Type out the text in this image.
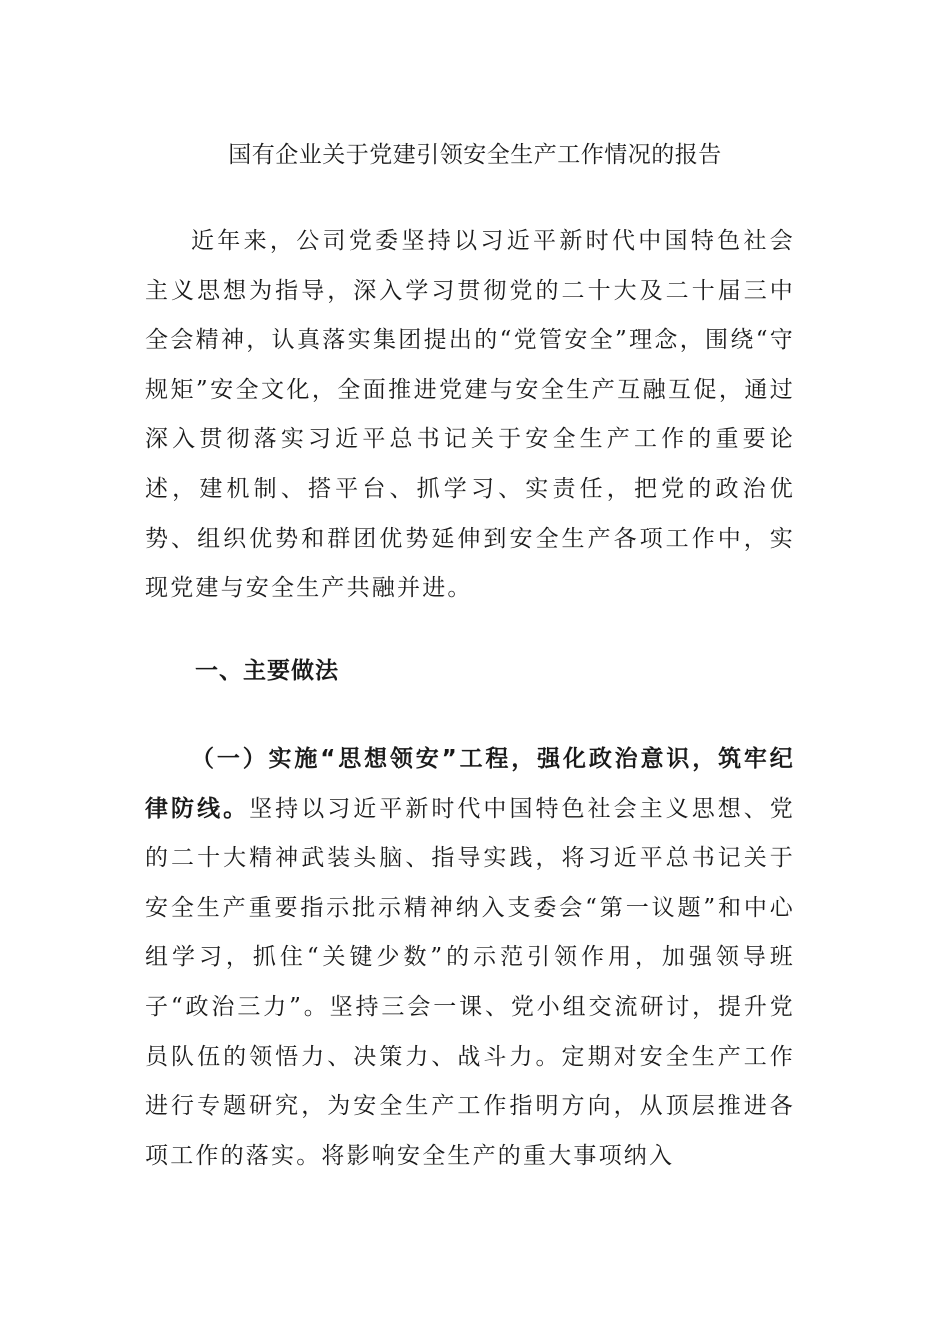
国有企业关于党建引领安全生产工作情况的报告

近年来，公司党委坚持以习近平新时代中国特色社会主义思想为指导，深入学习贯彻党的二十大及二十届三中全会精神，认真落实集团提出的“党管安全”理念，围绕“守规矩”安全文化，全面推进党建与安全生产互融互促，通过深入贯彻落实习近平总书记关于安全生产工作的重要论述，建机制、搭平台、抓学习、实责任，把党的政治优势、组织优势和群团优势延伸到安全生产各项工作中，实现党建与安全生产共融并进。

一、主要做法

（一）实施“思想领安”工程，强化政治意识，筑牢纪律防线。坚持以习近平新时代中国特色社会主义思想、党的二十大精神武装头脑、指导实践，将习近平总书记关于安全生产重要指示批示精神纳入支委会“第一议题”和中心组学习，抓住“关键少数”的示范引领作用，加强领导班子“政治三力”。坚持三会一课、党小组交流研讨，提升党员队伍的领悟力、决策力、战斗力。定期对安全生产工作进行专题研究，为安全生产工作指明方向，从顶层推进各项工作的落实。将影响安全生产的重大事项纳入
